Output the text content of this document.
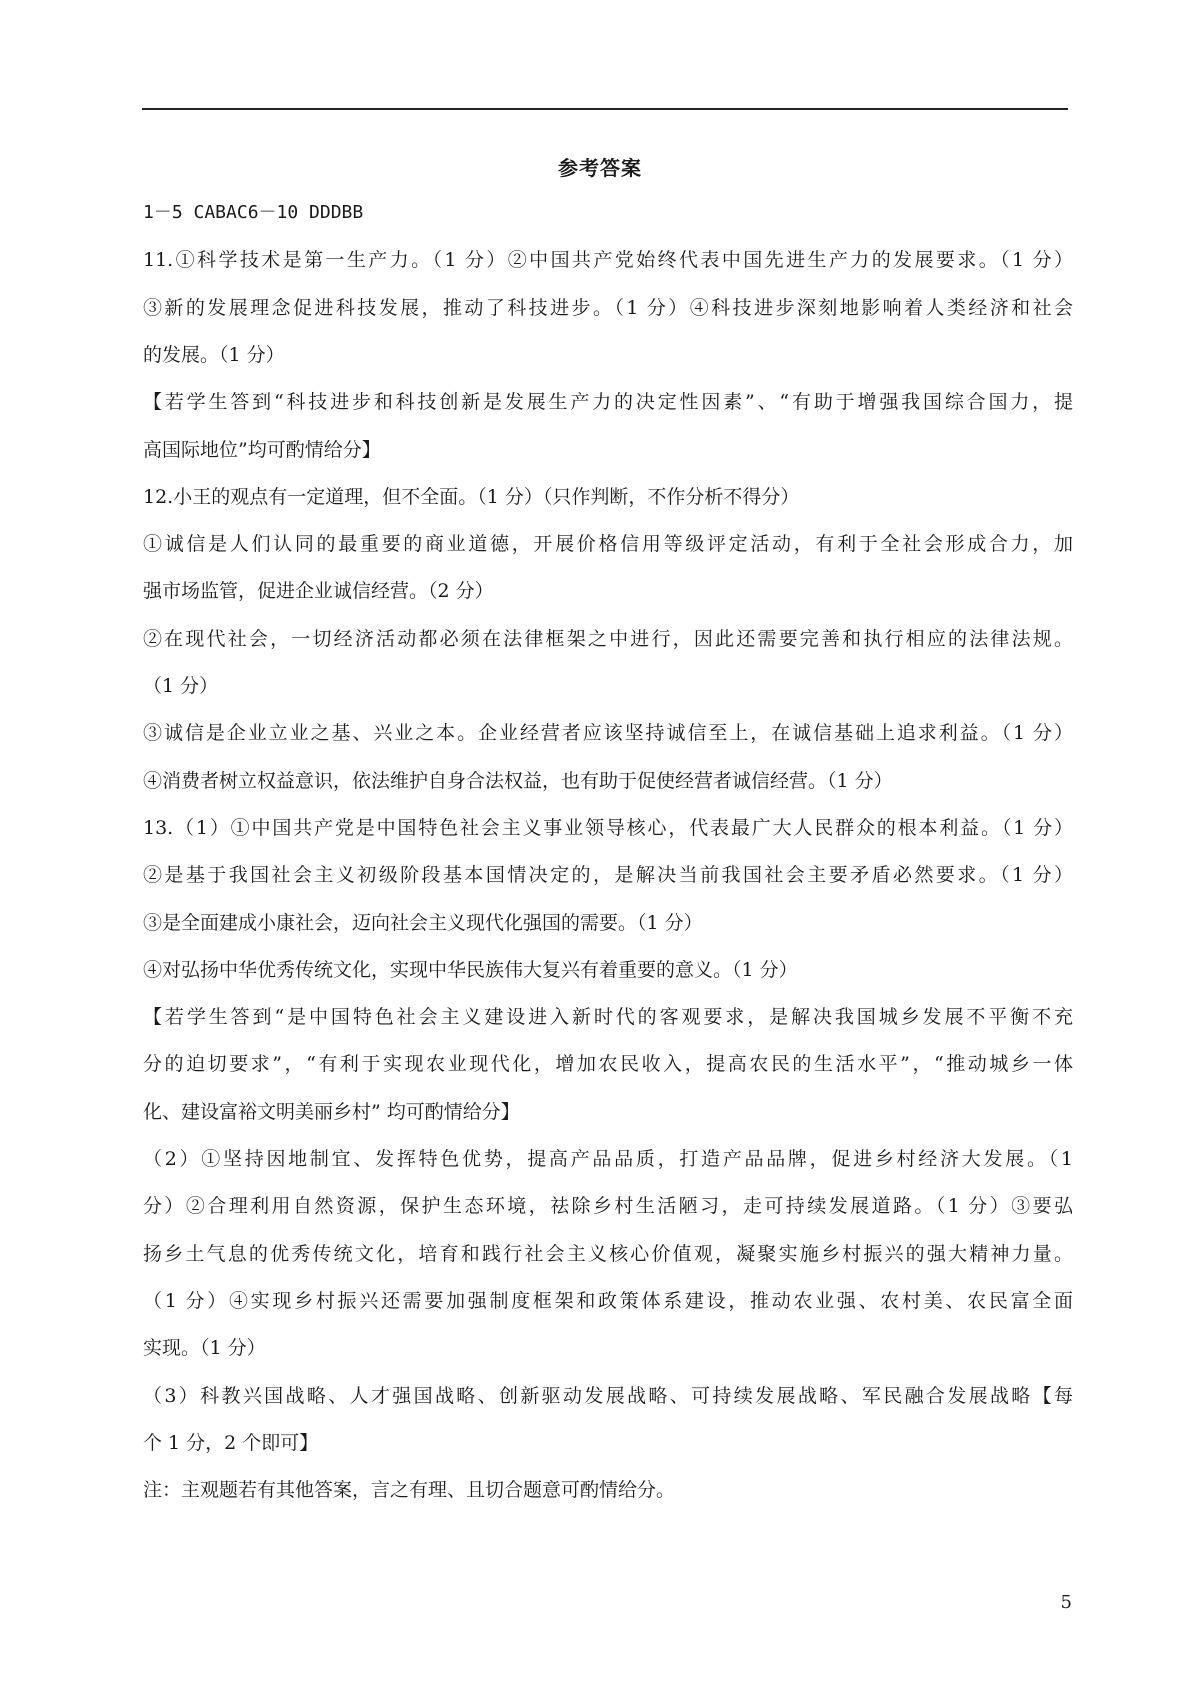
参考答案
1－5 CABAC6－10 DDDBB
11.①科学技术是第一生产力。（1 分）②中国共产党始终代表中国先进生产力的发展要求。（1 分）
③新的发展理念促进科技发展，推动了科技进步。（1 分）④科技进步深刻地影响着人类经济和社会
的发展。（1 分）
【若学生答到“科技进步和科技创新是发展生产力的决定性因素”、“有助于增强我国综合国力，提
高国际地位”均可酌情给分】
12.小王的观点有一定道理，但不全面。（1 分）（只作判断，不作分析不得分）
①诚信是人们认同的最重要的商业道德，开展价格信用等级评定活动，有利于全社会形成合力，加
强市场监管，促进企业诚信经营。（2 分）
②在现代社会，一切经济活动都必须在法律框架之中进行，因此还需要完善和执行相应的法律法规。
（1 分）
③诚信是企业立业之基、兴业之本。企业经营者应该坚持诚信至上，在诚信基础上追求利益。（1 分）
④消费者树立权益意识，依法维护自身合法权益，也有助于促使经营者诚信经营。（1 分）
13.（1）①中国共产党是中国特色社会主义事业领导核心，代表最广大人民群众的根本利益。（1 分）
②是基于我国社会主义初级阶段基本国情决定的，是解决当前我国社会主要矛盾必然要求。（1 分）
③是全面建成小康社会，迈向社会主义现代化强国的需要。（1 分）
④对弘扬中华优秀传统文化，实现中华民族伟大复兴有着重要的意义。（1 分）
【若学生答到“是中国特色社会主义建设进入新时代的客观要求，是解决我国城乡发展不平衡不充
分的迫切要求”，“有利于实现农业现代化，增加农民收入，提高农民的生活水平”，“推动城乡一体
化、建设富裕文明美丽乡村” 均可酌情给分】
（2）①坚持因地制宜、发挥特色优势，提高产品品质，打造产品品牌，促进乡村经济大发展。（1
分）②合理利用自然资源，保护生态环境，祛除乡村生活陋习，走可持续发展道路。（1 分）③要弘
扬乡土气息的优秀传统文化，培育和践行社会主义核心价值观，凝聚实施乡村振兴的强大精神力量。
（1 分）④实现乡村振兴还需要加强制度框架和政策体系建设，推动农业强、农村美、农民富全面
实现。（1 分）
（3）科教兴国战略、人才强国战略、创新驱动发展战略、可持续发展战略、军民融合发展战略【每
个 1 分，2 个即可】
注：主观题若有其他答案，言之有理、且切合题意可酌情给分。
5
